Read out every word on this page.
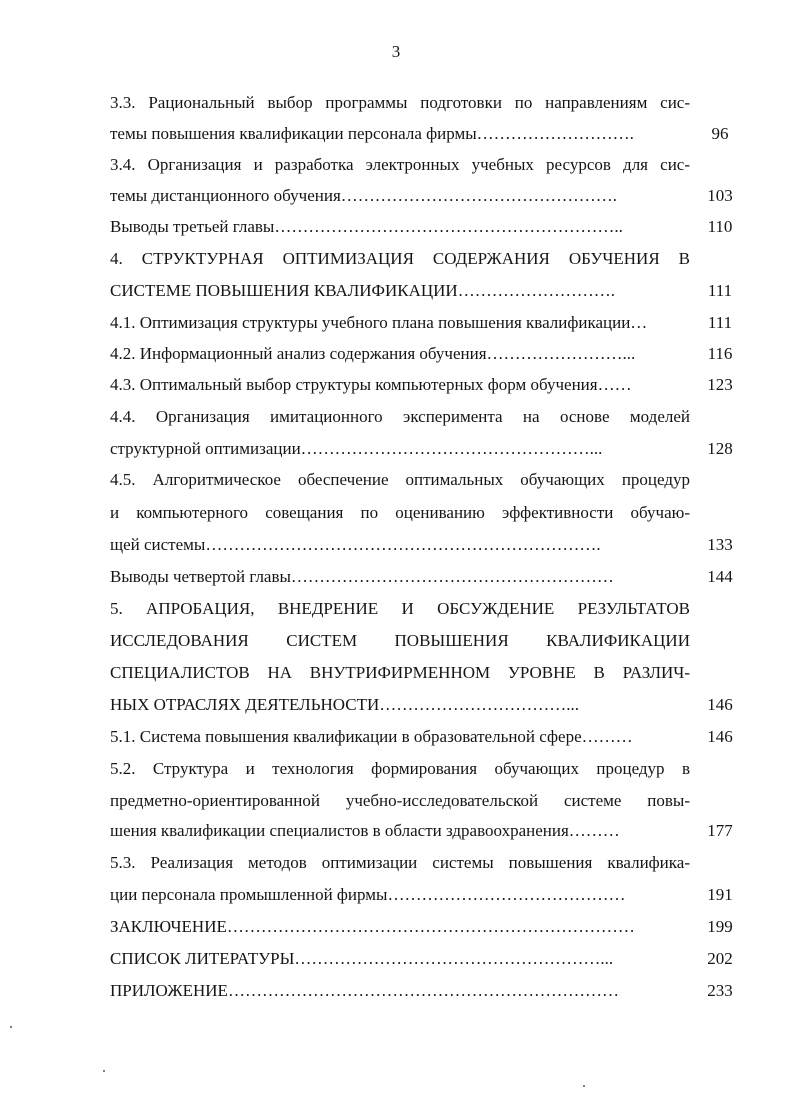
3
3.3. Рациональный выбор программы подготовки по направлениям сис-
темы повышения квалификации персонала фирмы……………………….	96
3.4. Организация и разработка электронных учебных ресурсов для сис-
темы дистанционного обучения………………………………………….	103
Выводы третьей главы……………………………………………………..	110
4. СТРУКТУРНАЯ ОПТИМИЗАЦИЯ СОДЕРЖАНИЯ ОБУЧЕНИЯ В
СИСТЕМЕ ПОВЫШЕНИЯ КВАЛИФИКАЦИИ……………………….	111
4.1. Оптимизация структуры учебного плана повышения квалификации…	111
4.2. Информационный анализ содержания обучения……………………...	116
4.3. Оптимальный выбор структуры компьютерных форм обучения……	123
4.4. Организация имитационного эксперимента на основе моделей
структурной оптимизации……………………………………………...	128
4.5. Алгоритмическое обеспечение оптимальных обучающих процедур
и компьютерного совещания по оцениванию эффективности обучаю-
щей системы…………………………………………………………….	133
Выводы четвертой главы…………………………………………………	144
5. АПРОБАЦИЯ, ВНЕДРЕНИЕ И ОБСУЖДЕНИЕ РЕЗУЛЬТАТОВ
ИССЛЕДОВАНИЯ СИСТЕМ ПОВЫШЕНИЯ КВАЛИФИКАЦИИ
СПЕЦИАЛИСТОВ НА ВНУТРИФИРМЕННОМ УРОВНЕ В РАЗЛИЧ-
НЫХ ОТРАСЛЯХ ДЕЯТЕЛЬНОСТИ……………………………...	146
5.1. Система повышения квалификации в образовательной сфере………	146
5.2. Структура и технология формирования обучающих процедур в
предметно-ориентированной учебно-исследовательской системе повы-
шения квалификации специалистов в области здравоохранения………	177
5.3. Реализация методов оптимизации системы повышения квалифика-
ции персонала промышленной фирмы……………………………………	191
ЗАКЛЮЧЕНИЕ………………………………………………………………	199
СПИСОК ЛИТЕРАТУРЫ………………………………………………...	202
ПРИЛОЖЕНИЕ……………………………………………………………	233
